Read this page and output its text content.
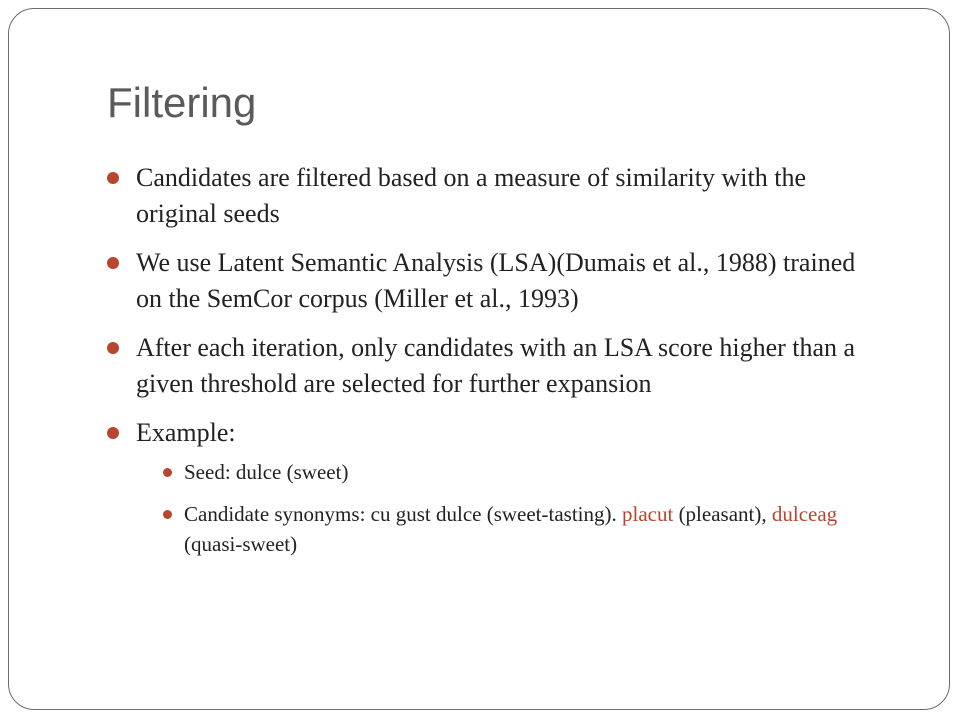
Filtering
Candidates are filtered based on a measure of similarity with the original seeds
We use Latent Semantic Analysis (LSA)(Dumais et al., 1988) trained on the SemCor corpus (Miller et al., 1993)
After each iteration, only candidates with an LSA score higher than a given threshold are selected for further expansion
Example:
Seed: dulce (sweet)
Candidate synonyms: cu gust dulce (sweet-tasting). placut (pleasant), dulceag (quasi-sweet)
